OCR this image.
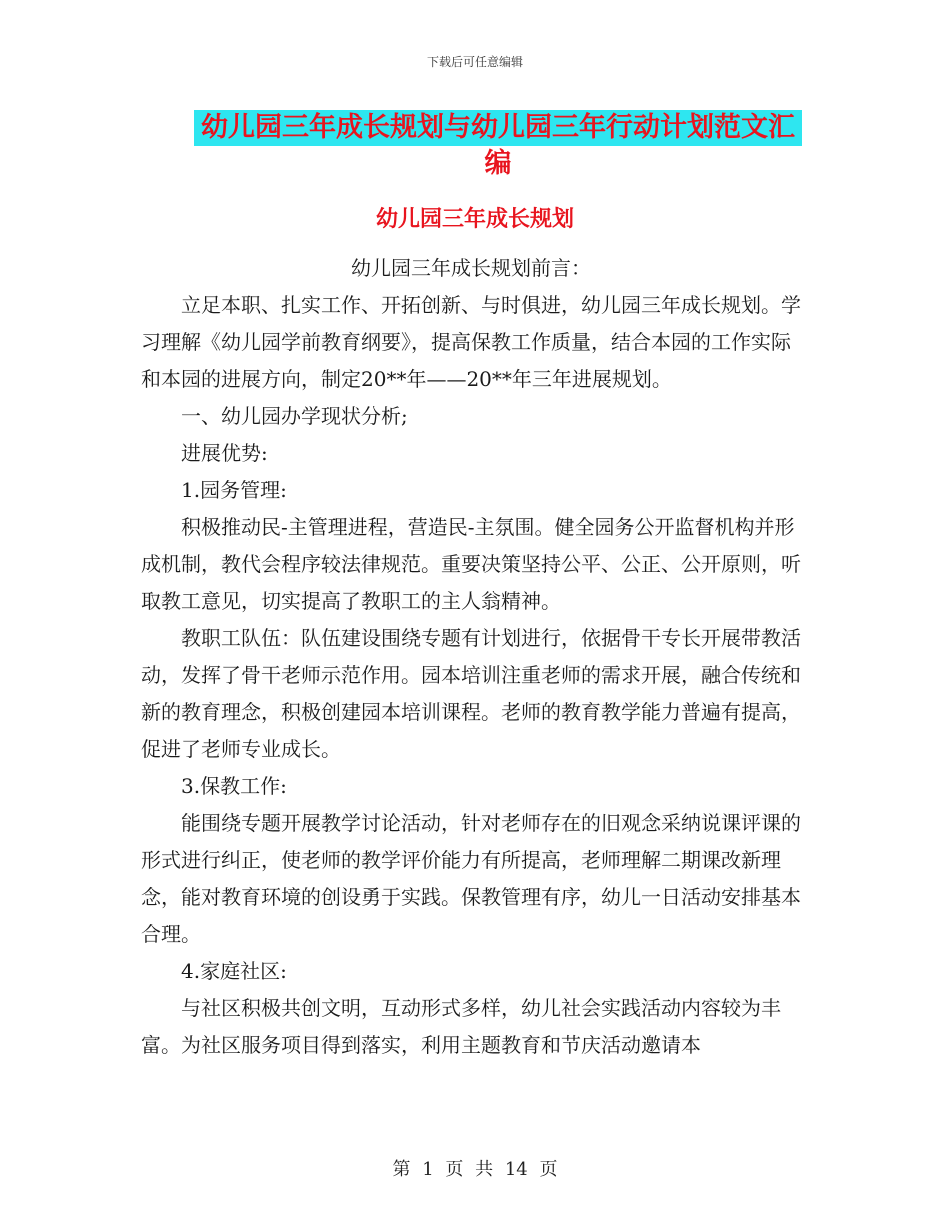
下载后可任意编辑
幼儿园三年成长规划与幼儿园三年行动计划范文汇编
幼儿园三年成长规划

幼儿园三年成长规划前言：

立足本职、扎实工作、开拓创新、与时俱进，幼儿园三年成长规划。学习理解《幼儿园学前教育纲要》，提高保教工作质量，结合本园的工作实际和本园的进展方向，制定20**年——20**年三年进展规划。

一、幼儿园办学现状分析;

进展优势:

1.园务管理:

积极推动民-主管理进程，营造民-主氛围。健全园务公开监督机构并形成机制，教代会程序较法律规范。重要决策坚持公平、公正、公开原则，听取教工意见，切实提高了教职工的主人翁精神。

教职工队伍：队伍建设围绕专题有计划进行，依据骨干专长开展带教活动，发挥了骨干老师示范作用。园本培训注重老师的需求开展，融合传统和新的教育理念，积极创建园本培训课程。老师的教育教学能力普遍有提高，促进了老师专业成长。

3.保教工作:

能围绕专题开展教学讨论活动，针对老师存在的旧观念采纳说课评课的形式进行纠正，使老师的教学评价能力有所提高，老师理解二期课改新理念，能对教育环境的创设勇于实践。保教管理有序，幼儿一日活动安排基本合理。

4.家庭社区:

与社区积极共创文明，互动形式多样，幼儿社会实践活动内容较为丰富。为社区服务项目得到落实，利用主题教育和节庆活动邀请本

第 1 页 共 14 页
